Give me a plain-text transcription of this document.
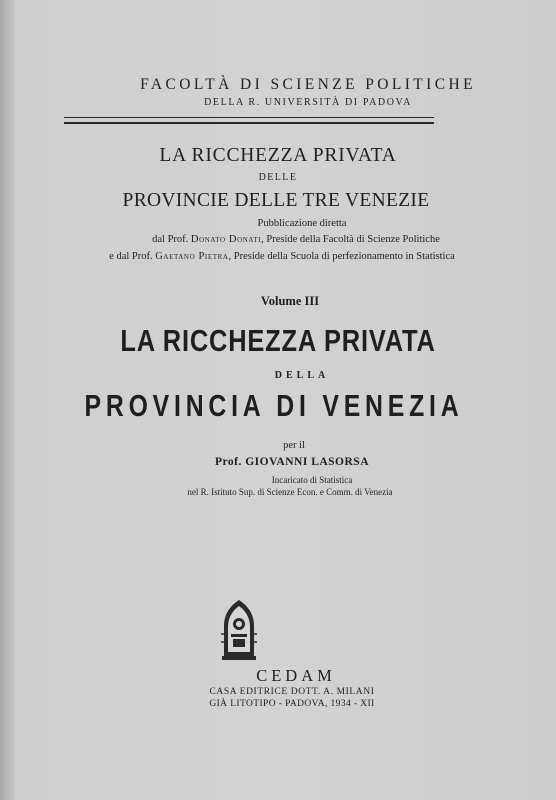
FACOLTÀ DI SCIENZE POLITICHE
DELLA R. UNIVERSITÀ DI PADOVA
LA RICCHEZZA PRIVATA
DELLE
PROVINCIE DELLE TRE VENEZIE
Pubblicazione diretta
dal Prof. Donato Donati, Preside della Facoltà di Scienze Politiche
e dal Prof. Gaetano Pietra, Preside della Scuola di perfezionamento in Statistica
Volume III
LA RICCHEZZA PRIVATA
DELLA
PROVINCIA DI VENEZIA
per il
Prof. GIOVANNI LASORSA
Incaricato di Statistica
nel R. Istituto Sup. di Scienze Econ. e Comm. di Venezia
CEDAM
CASA EDITRICE DOTT. A. MILANI
GIÀ LITOTIPO - PADOVA, 1934 - XII
